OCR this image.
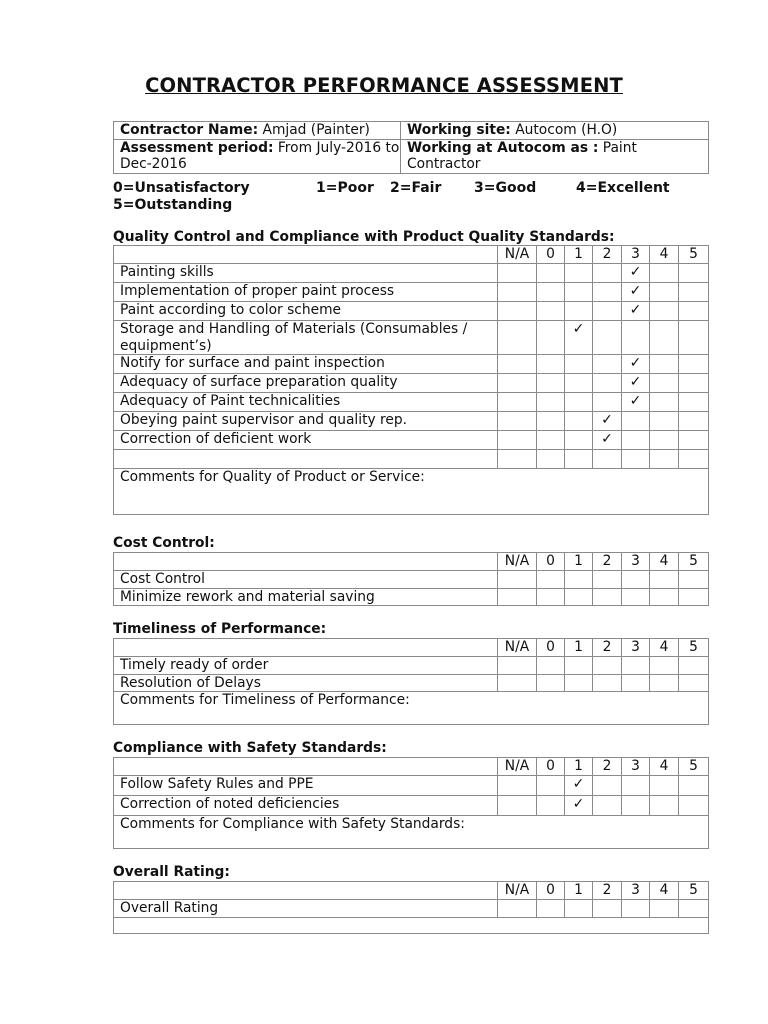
CONTRACTOR PERFORMANCE ASSESSMENT
Contractor Name: Amjad (Painter)	Working site: Autocom (H.O)
Assessment period: From July-2016 to Dec-2016	Working at Autocom as : Paint Contractor
0=Unsatisfactory	1=Poor 2=Fair 3=Good	4=Excellent
5=Outstanding
Quality Control and Compliance with Product Quality Standards:
	N/A	0	1	2	3	4	5
Painting skills					✓		
Implementation of proper paint process					✓		
Paint according to color scheme					✓		
Storage and Handling of Materials (Consumables / equipment’s)			✓				
Notify for surface and paint inspection					✓		
Adequacy of surface preparation quality					✓		
Adequacy of Paint technicalities					✓		
Obeying paint supervisor and quality rep.				✓			
Correction of deficient work				✓			

Comments for Quality of Product or Service:							
Cost Control:
	N/A	0	1	2	3	4	5
Cost Control							
Minimize rework and material saving							
Timeliness of Performance:
	N/A	0	1	2	3	4	5
Timely ready of order							
Resolution of Delays							
Comments for Timeliness of Performance:							
Compliance with Safety Standards:
	N/A	0	1	2	3	4	5
Follow Safety Rules and PPE			✓				
Correction of noted deficiencies			✓				
Comments for Compliance with Safety Standards:							
Overall Rating:
	N/A	0	1	2	3	4	5
Overall Rating							
